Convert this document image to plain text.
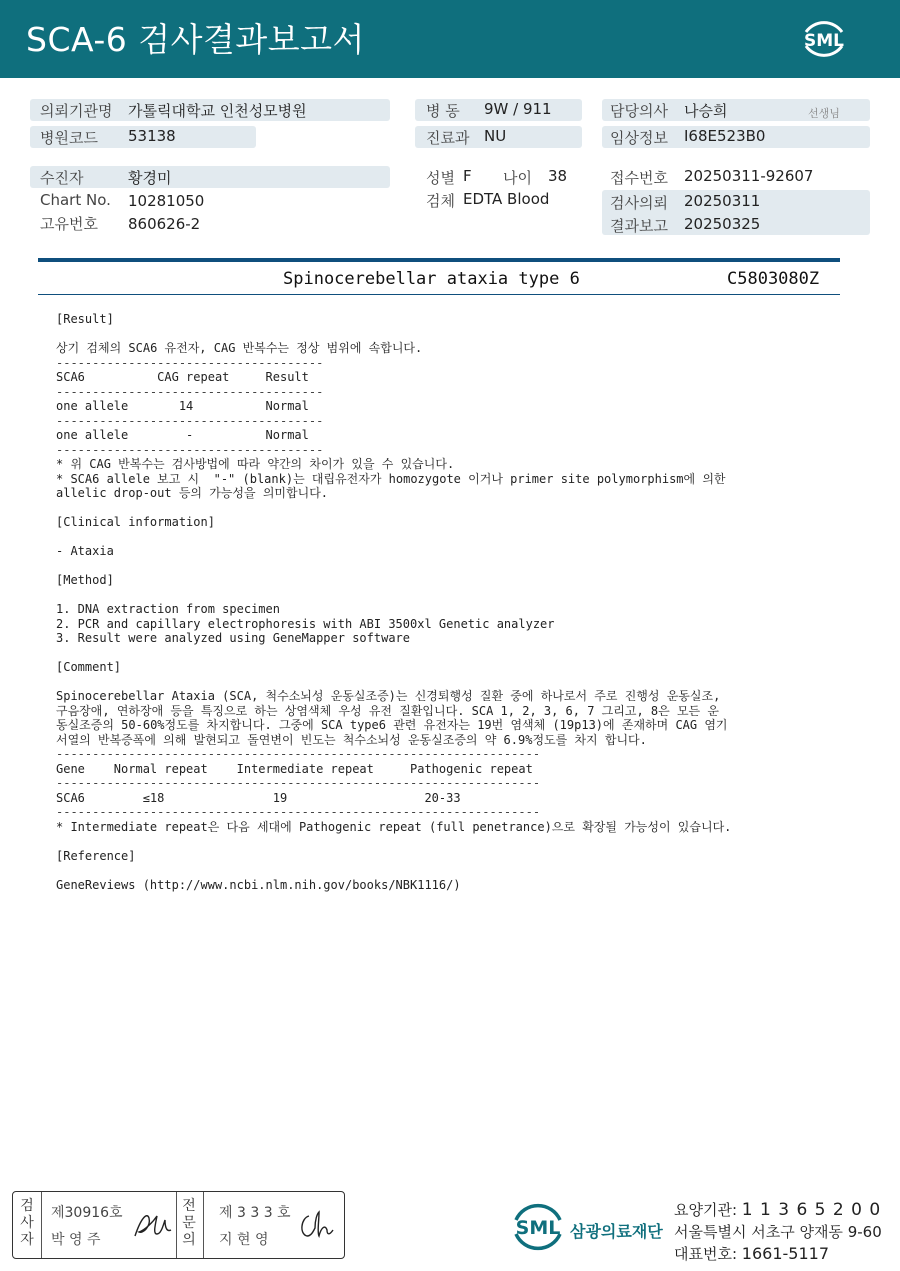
SCA-6 검사결과보고서	SML
의뢰기관명 가톨릭대학교 인천성모병원
병원코드 53138
수진자	황경미
Chart No. 10281050
고유번호 860626-2
병 동 9W / 911
진료과 NU
성별 F 나이 38
검체 EDTA Blood
담당의사 나승희	선생님
임상정보 I68E523B0
접수번호 20250311-92607
검사의뢰 20250311
결과보고 20250325
Spinocerebellar ataxia type 6	C5803080Z
[Result]
상기 검체의 SCA6 유전자, CAG 반복수는 정상 범위에 속합니다.
-------------------------------------
SCA6          CAG repeat     Result
-------------------------------------
one allele       14          Normal
-------------------------------------
one allele        -          Normal
-------------------------------------
* 위 CAG 반복수는 검사방법에 따라 약간의 차이가 있을 수 있습니다.
* SCA6 allele 보고 시  "-" (blank)는 대립유전자가 homozygote 이거나 primer site polymorphism에 의한
allelic drop-out 등의 가능성을 의미합니다.
[Clinical information]
- Ataxia
[Method]
1. DNA extraction from specimen
2. PCR and capillary electrophoresis with ABI 3500xl Genetic analyzer
3. Result were analyzed using GeneMapper software
[Comment]
Spinocerebellar Ataxia (SCA, 척수소뇌성 운동실조증)는 신경퇴행성 질환 중에 하나로서 주로 진행성 운동실조,
구음장애, 연하장애 등을 특징으로 하는 상염색체 우성 유전 질환입니다. SCA 1, 2, 3, 6, 7 그리고, 8은 모든 운
동실조증의 50-60%정도를 차지합니다. 그중에 SCA type6 관련 유전자는 19번 염색체 (19p13)에 존재하며 CAG 염기
서열의 반복증폭에 의해 발현되고 돌연변이 빈도는 척수소뇌성 운동실조증의 약 6.9%정도를 차지 합니다.
-------------------------------------------------------------------
Gene    Normal repeat    Intermediate repeat     Pathogenic repeat
-------------------------------------------------------------------
SCA6        ≤18               19                   20-33
-------------------------------------------------------------------
* Intermediate repeat은 다음 세대에 Pathogenic repeat (full penetrance)으로 확장될 가능성이 있습니다.
[Reference]
GeneReviews (http://www.ncbi.nlm.nih.gov/books/NBK1116/)
검
사
자
제30916호
박 영 주
전
문
의
제 3 3 3 호
지 현 영
SML 삼광의료재단
요양기관: 1 1 3 6 5 2 0 0
서울특별시 서초구 양재동 9-60
대표번호: 1661-5117
